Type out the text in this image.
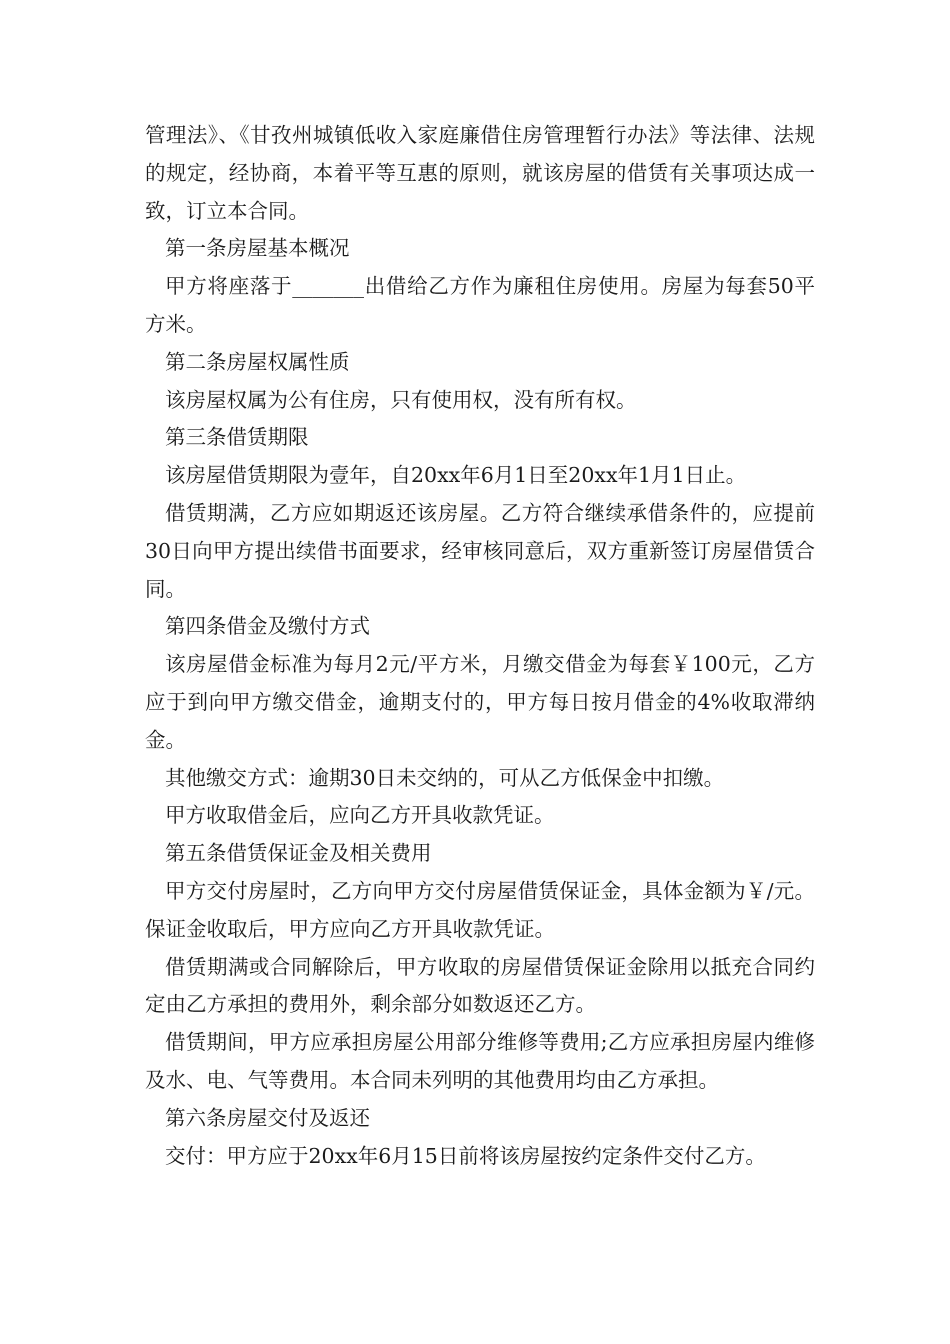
管理法》、《甘孜州城镇低收入家庭廉借住房管理暂行办法》等法律、法规的规定，经协商，本着平等互惠的原则，就该房屋的借赁有关事项达成一致，订立本合同。

第一条房屋基本概况

甲方将座落于_______出借给乙方作为廉租住房使用。房屋为每套50平方米。

第二条房屋权属性质

该房屋权属为公有住房，只有使用权，没有所有权。

第三条借赁期限

该房屋借赁期限为壹年，自20xx年6月1日至20xx年1月1日止。

借赁期满，乙方应如期返还该房屋。乙方符合继续承借条件的，应提前30日向甲方提出续借书面要求，经审核同意后，双方重新签订房屋借赁合同。

第四条借金及缴付方式

该房屋借金标准为每月2元/平方米，月缴交借金为每套￥100元，乙方应于到向甲方缴交借金，逾期支付的，甲方每日按月借金的4%收取滞纳金。

其他缴交方式：逾期30日未交纳的，可从乙方低保金中扣缴。

甲方收取借金后，应向乙方开具收款凭证。

第五条借赁保证金及相关费用

甲方交付房屋时，乙方向甲方交付房屋借赁保证金，具体金额为￥/元。保证金收取后，甲方应向乙方开具收款凭证。

借赁期满或合同解除后，甲方收取的房屋借赁保证金除用以抵充合同约定由乙方承担的费用外，剩余部分如数返还乙方。

借赁期间，甲方应承担房屋公用部分维修等费用;乙方应承担房屋内维修及水、电、气等费用。本合同未列明的其他费用均由乙方承担。

第六条房屋交付及返还

交付：甲方应于20xx年6月15日前将该房屋按约定条件交付乙方。
